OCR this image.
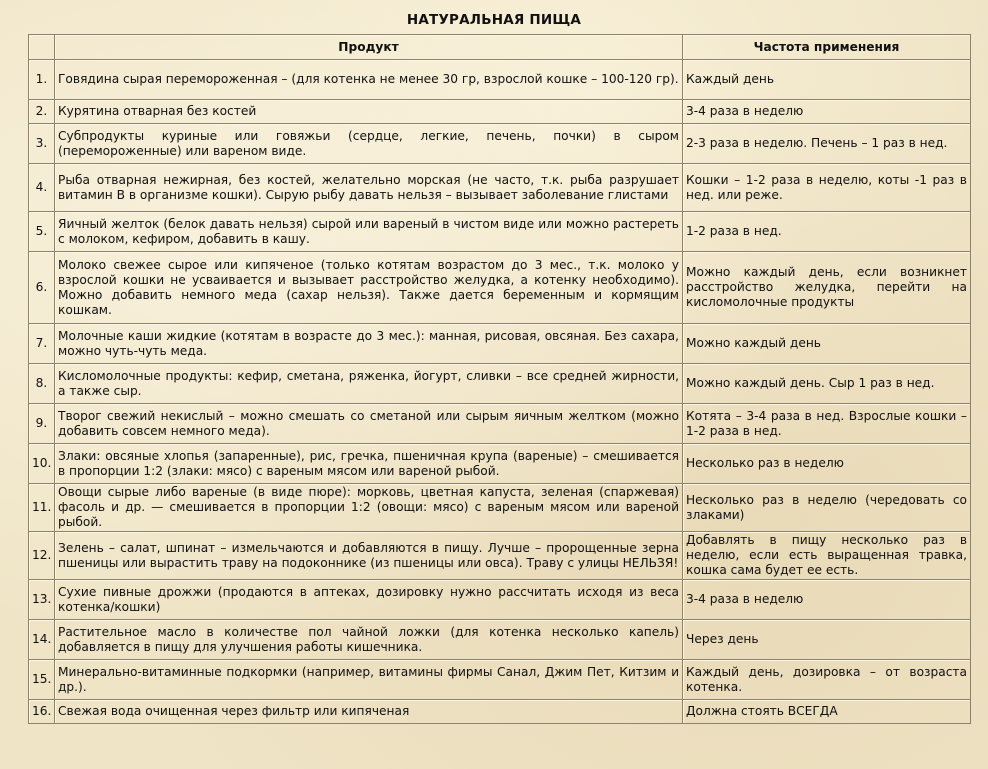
НАТУРАЛЬНАЯ ПИЩА
	Продукт	Частота применения
1.	Говядина сырая перемороженная – (для котенка не менее 30 гр, взрослой кошке – 100-120 гр).	Каждый день
2.	Курятина отварная без костей	3-4 раза в неделю
3.	Субпродукты куриные или говяжьи (сердце, легкие, печень, почки) в сыром (перемороженные) или вареном виде.	2-3 раза в неделю. Печень – 1 раз в нед.
4.	Рыба отварная нежирная, без костей, желательно морская (не часто, т.к. рыба разрушает витамин B в организме кошки). Сырую рыбу давать нельзя – вызывает заболевание глистами	Кошки – 1-2 раза в неделю, коты -1 раз в нед. или реже.
5.	Яичный желток (белок давать нельзя) сырой или вареный в чистом виде или можно растереть с молоком, кефиром, добавить в кашу.	1-2 раза в нед.
6.	Молоко свежее сырое или кипяченое (только котятам возрастом до 3 мес., т.к. молоко у взрослой кошки не усваивается и вызывает расстройство желудка, а котенку необходимо). Можно добавить немного меда (сахар нельзя). Также дается беременным и кормящим кошкам.	Можно каждый день, если возникнет расстройство желудка, перейти на кисломолочные продукты
7.	Молочные каши жидкие (котятам в возрасте до 3 мес.): манная, рисовая, овсяная. Без сахара, можно чуть-чуть меда.	Можно каждый день
8.	Кисломолочные продукты: кефир, сметана, ряженка, йогурт, сливки – все средней жирности, а также сыр.	Можно каждый день. Сыр 1 раз в нед.
9.	Творог свежий некислый – можно смешать со сметаной или сырым яичным желтком (можно добавить совсем немного меда).	Котята – 3-4 раза в нед. Взрослые кошки – 1-2 раза в нед.
10.	Злаки: овсяные хлопья (запаренные), рис, гречка, пшеничная крупа (вареные) – смешивается в пропорции 1:2 (злаки: мясо) с вареным мясом или вареной рыбой.	Несколько раз в неделю
11.	Овощи сырые либо вареные (в виде пюре): морковь, цветная капуста, зеленая (спаржевая) фасоль и др. — смешивается в пропорции 1:2 (овощи: мясо) с вареным мясом или вареной рыбой.	Несколько раз в неделю (чередовать со злаками)
12.	Зелень – салат, шпинат – измельчаются и добавляются в пищу. Лучше – пророщенные зерна пшеницы или вырастить траву на подоконнике (из пшеницы или овса). Траву с улицы НЕЛЬЗЯ!	Добавлять в пищу несколько раз в неделю, если есть выращенная травка, кошка сама будет ее есть.
13.	Сухие пивные дрожжи (продаются в аптеках, дозировку нужно рассчитать исходя из веса котенка/кошки)	3-4 раза в неделю
14.	Растительное масло в количестве пол чайной ложки (для котенка несколько капель) добавляется в пищу для улучшения работы кишечника.	Через день
15.	Минерально-витаминные подкормки (например, витамины фирмы Санал, Джим Пет, Китзим и др.).	Каждый день, дозировка – от возраста котенка.
16.	Свежая вода очищенная через фильтр или кипяченая	Должна стоять ВСЕГДА
